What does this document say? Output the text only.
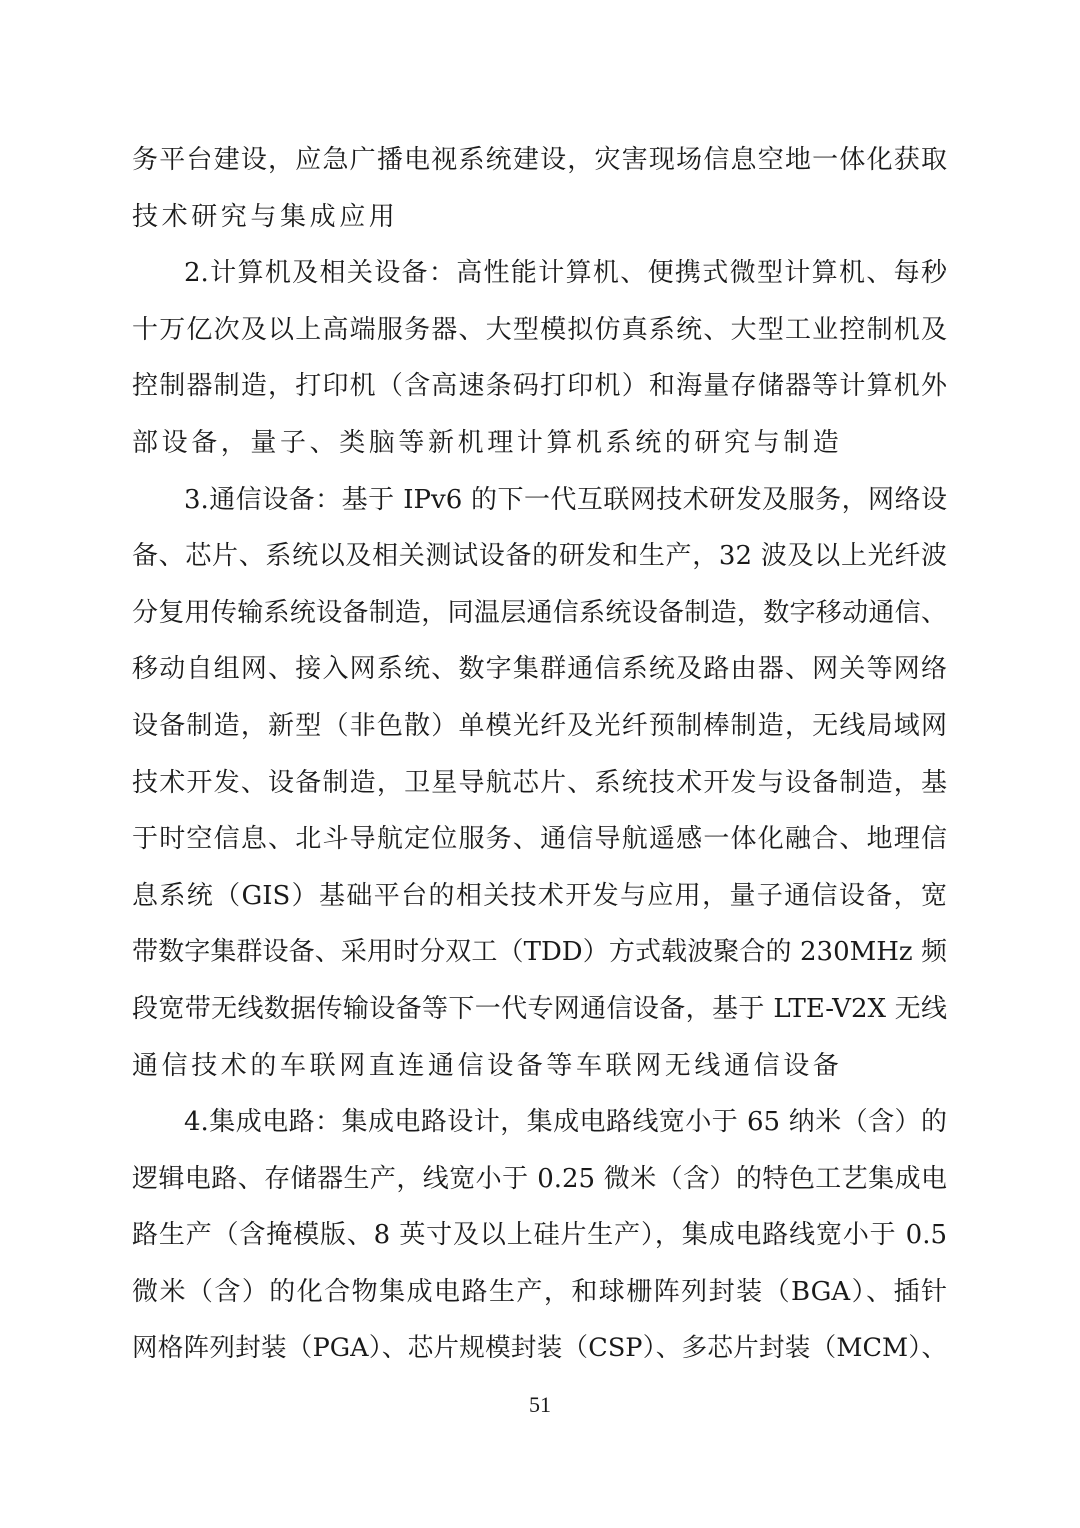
务平台建设，应急广播电视系统建设，灾害现场信息空地一体化获取
技术研究与集成应用
2.计算机及相关设备：高性能计算机、便携式微型计算机、每秒
十万亿次及以上高端服务器、大型模拟仿真系统、大型工业控制机及
控制器制造，打印机（含高速条码打印机）和海量存储器等计算机外
部设备，量子、类脑等新机理计算机系统的研究与制造
3.通信设备：基于 IPv6 的下一代互联网技术研发及服务，网络设
备、芯片、系统以及相关测试设备的研发和生产，32 波及以上光纤波
分复用传输系统设备制造，同温层通信系统设备制造，数字移动通信、
移动自组网、接入网系统、数字集群通信系统及路由器、网关等网络
设备制造，新型（非色散）单模光纤及光纤预制棒制造，无线局域网
技术开发、设备制造，卫星导航芯片、系统技术开发与设备制造，基
于时空信息、北斗导航定位服务、通信导航遥感一体化融合、地理信
息系统（GIS）基础平台的相关技术开发与应用，量子通信设备，宽
带数字集群设备、采用时分双工（TDD）方式载波聚合的 230MHz 频
段宽带无线数据传输设备等下一代专网通信设备，基于 LTE-V2X 无线
通信技术的车联网直连通信设备等车联网无线通信设备
4.集成电路：集成电路设计，集成电路线宽小于 65 纳米（含）的
逻辑电路、存储器生产，线宽小于 0.25 微米（含）的特色工艺集成电
路生产（含掩模版、8 英寸及以上硅片生产），集成电路线宽小于 0.5
微米（含）的化合物集成电路生产，和球栅阵列封装（BGA）、插针
网格阵列封装（PGA）、芯片规模封装（CSP）、多芯片封装（MCM）、
51
